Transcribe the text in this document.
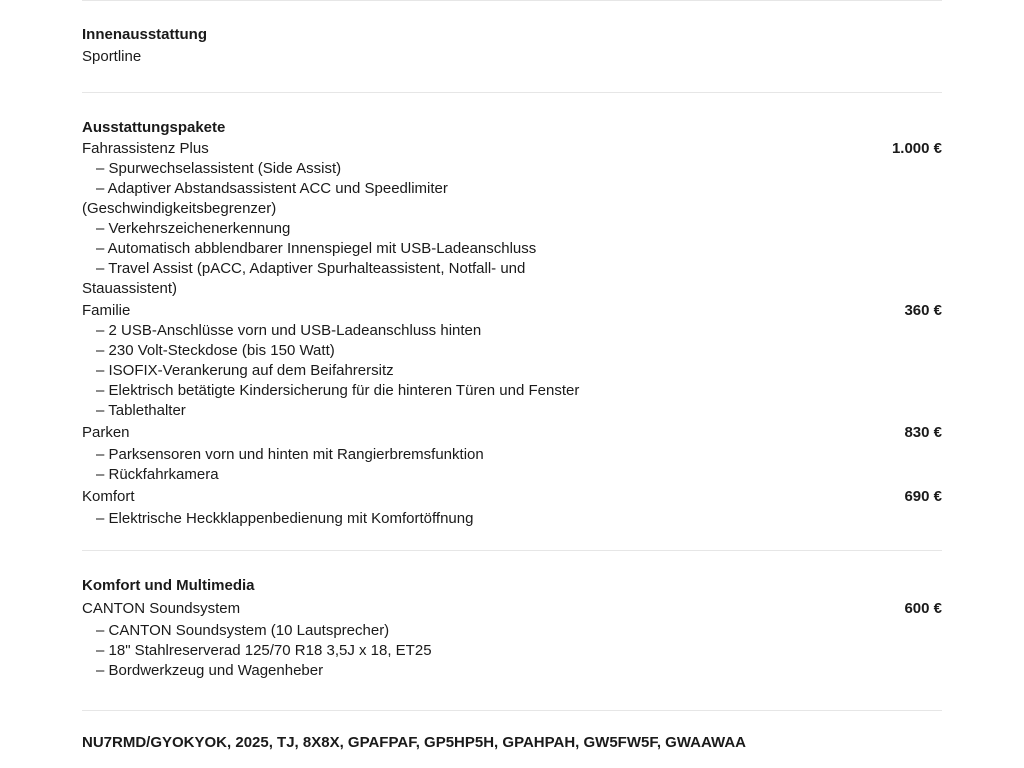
Innenausstattung
Sportline
Ausstattungspakete
Fahrassistenz Plus	1.000 €
– Spurwechselassistent (Side Assist)
– Adaptiver Abstandsassistent ACC und Speedlimiter
(Geschwindigkeitsbegrenzer)
– Verkehrszeichenerkennung
– Automatisch abblendbarer Innenspiegel mit USB-Ladeanschluss
– Travel Assist (pACC, Adaptiver Spurhalteassistent, Notfall- und
Stauassistent)
Familie	360 €
– 2 USB-Anschlüsse vorn und USB-Ladeanschluss hinten
– 230 Volt-Steckdose (bis 150 Watt)
– ISOFIX-Verankerung auf dem Beifahrersitz
– Elektrisch betätigte Kindersicherung für die hinteren Türen und Fenster
– Tablethalter
Parken	830 €
– Parksensoren vorn und hinten mit Rangierbremsfunktion
– Rückfahrkamera
Komfort	690 €
– Elektrische Heckklappenbedienung mit Komfortöffnung
Komfort und Multimedia
CANTON Soundsystem	600 €
– CANTON Soundsystem (10 Lautsprecher)
– 18" Stahlreserverad 125/70 R18 3,5J x 18, ET25
– Bordwerkzeug und Wagenheber
NU7RMD/GYOKYOK, 2025, TJ, 8X8X, GPAFPAF, GP5HP5H, GPAHPAH, GW5FW5F, GWAAWAA
